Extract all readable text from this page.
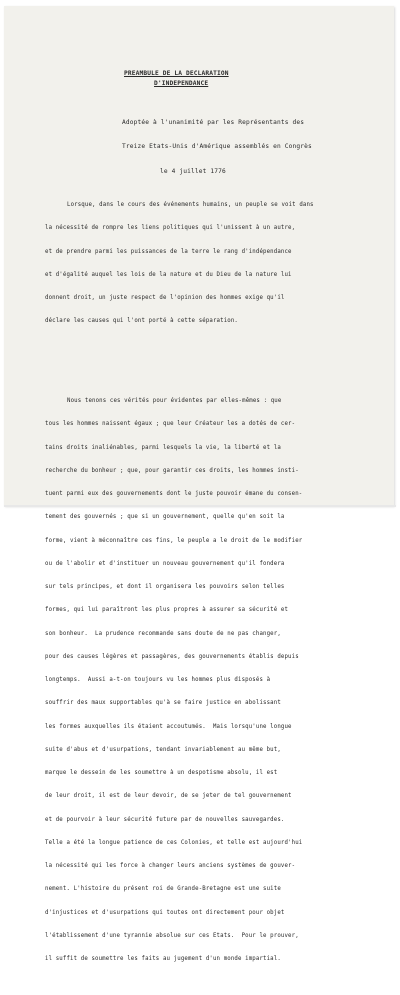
PREAMBULE DE LA DECLARATION
D'INDEPENDANCE

Adoptée à l'unanimité par les Représentants des

Treize Etats-Unis d'Amérique assemblés en Congrès

le 4 juillet 1776

Lorsque, dans le cours des événements humains, un peuple se voit dans

la nécessité de rompre les liens politiques qui l'unissent à un autre,

et de prendre parmi les puissances de la terre le rang d'indépendance

et d'égalité auquel les lois de la nature et du Dieu de la nature lui

donnent droit, un juste respect de l'opinion des hommes exige qu'il

déclare les causes qui l'ont porté à cette séparation.

Nous tenons ces vérités pour évidentes par elles-mêmes : que

tous les hommes naissent égaux ; que leur Créateur les a dotés de cer-

tains droits inaliénables, parmi lesquels la vie, la liberté et la

recherche du bonheur ; que, pour garantir ces droits, les hommes insti-

tuent parmi eux des gouvernements dont le juste pouvoir émane du consen-

tement des gouvernés ; que si un gouvernement, quelle qu'en soit la

forme, vient à méconnaître ces fins, le peuple a le droit de le modifier

ou de l'abolir et d'instituer un nouveau gouvernement qu'il fondera

sur tels principes, et dont il organisera les pouvoirs selon telles

formes, qui lui paraîtront les plus propres à assurer sa sécurité et

son bonheur.  La prudence recommande sans doute de ne pas changer,

pour des causes légères et passagères, des gouvernements établis depuis

longtemps.  Aussi a-t-on toujours vu les hommes plus disposés à

souffrir des maux supportables qu'à se faire justice en abolissant

les formes auxquelles ils étaient accoutumés.  Mais lorsqu'une longue

suite d'abus et d'usurpations, tendant invariablement au même but,

marque le dessein de les soumettre à un despotisme absolu, il est

de leur droit, il est de leur devoir, de se jeter de tel gouvernement

et de pourvoir à leur sécurité future par de nouvelles sauvegardes.

Telle a été la longue patience de ces Colonies, et telle est aujourd'hui

la nécessité qui les force à changer leurs anciens systèmes de gouver-

nement. L'histoire du présent roi de Grande-Bretagne est une suite

d'injustices et d'usurpations qui toutes ont directement pour objet

l'établissement d'une tyrannie absolue sur ces Etats.  Pour le prouver,

il suffit de soumettre les faits au jugement d'un monde impartial.
